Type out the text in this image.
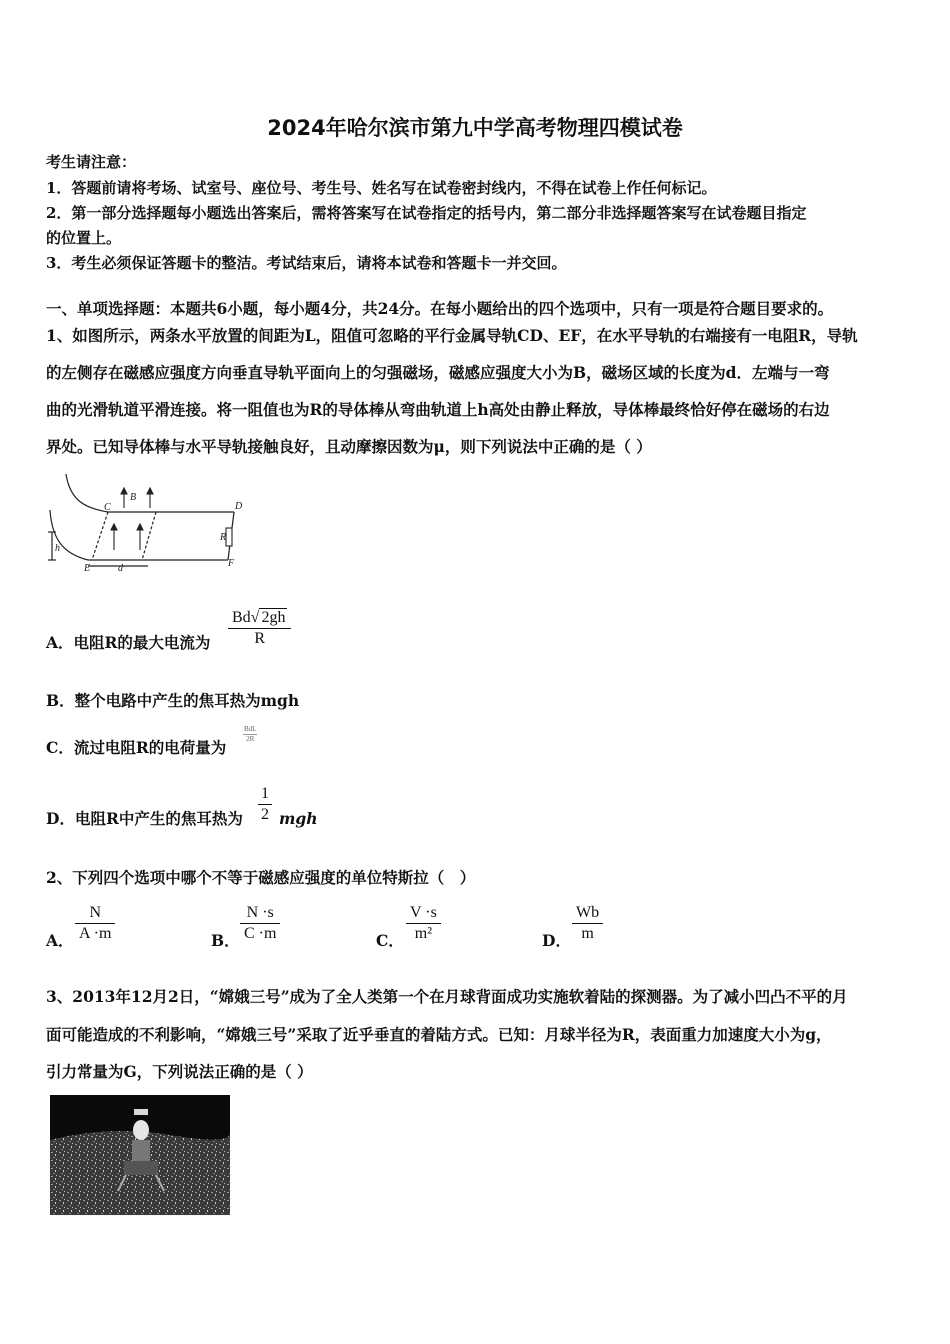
2024年哈尔滨市第九中学高考物理四模试卷
考生请注意：
1．答题前请将考场、试室号、座位号、考生号、姓名写在试卷密封线内，不得在试卷上作任何标记。
2．第一部分选择题每小题选出答案后，需将答案写在试卷指定的括号内，第二部分非选择题答案写在试卷题目指定
的位置上。
3．考生必须保证答题卡的整洁。考试结束后，请将本试卷和答题卡一并交回。
一、单项选择题：本题共6小题，每小题4分，共24分。在每小题给出的四个选项中，只有一项是符合题目要求的。
1、如图所示，两条水平放置的间距为L，阻值可忽略的平行金属导轨CD、EF，在水平导轨的右端接有一电阻R，导轨
的左侧存在磁感应强度方向垂直导轨平面向上的匀强磁场，磁感应强度大小为B，磁场区域的长度为d．左端与一弯
曲的光滑轨道平滑连接。将一阻值也为R的导体棒从弯曲轨道上h高处由静止释放，导体棒最终恰好停在磁场的右边
界处。已知导体棒与水平导轨接触良好，且动摩擦因数为μ，则下列说法中正确的是（ ）
B
C	D
R
h
E	d	F
A．电阻R的最大电流为
Bd√ 2gh
R
B．整个电路中产生的焦耳热为mgh
C．流过电阻R的电荷量为
BdL
2R
D．电阻R中产生的焦耳热为
1
2 mgh
2、下列四个选项中哪个不等于磁感应强度的单位特斯拉（　）
A．
N
A ·m	B．
N ·s
C ·m	C．
V ·s
m²	D．
Wb
m
3、2013年12月2日，“嫦娥三号”成为了全人类第一个在月球背面成功实施软着陆的探测器。为了减小凹凸不平的月
面可能造成的不利影响，“嫦娥三号”采取了近乎垂直的着陆方式。已知：月球半径为R，表面重力加速度大小为g，
引力常量为G，下列说法正确的是（ ）
